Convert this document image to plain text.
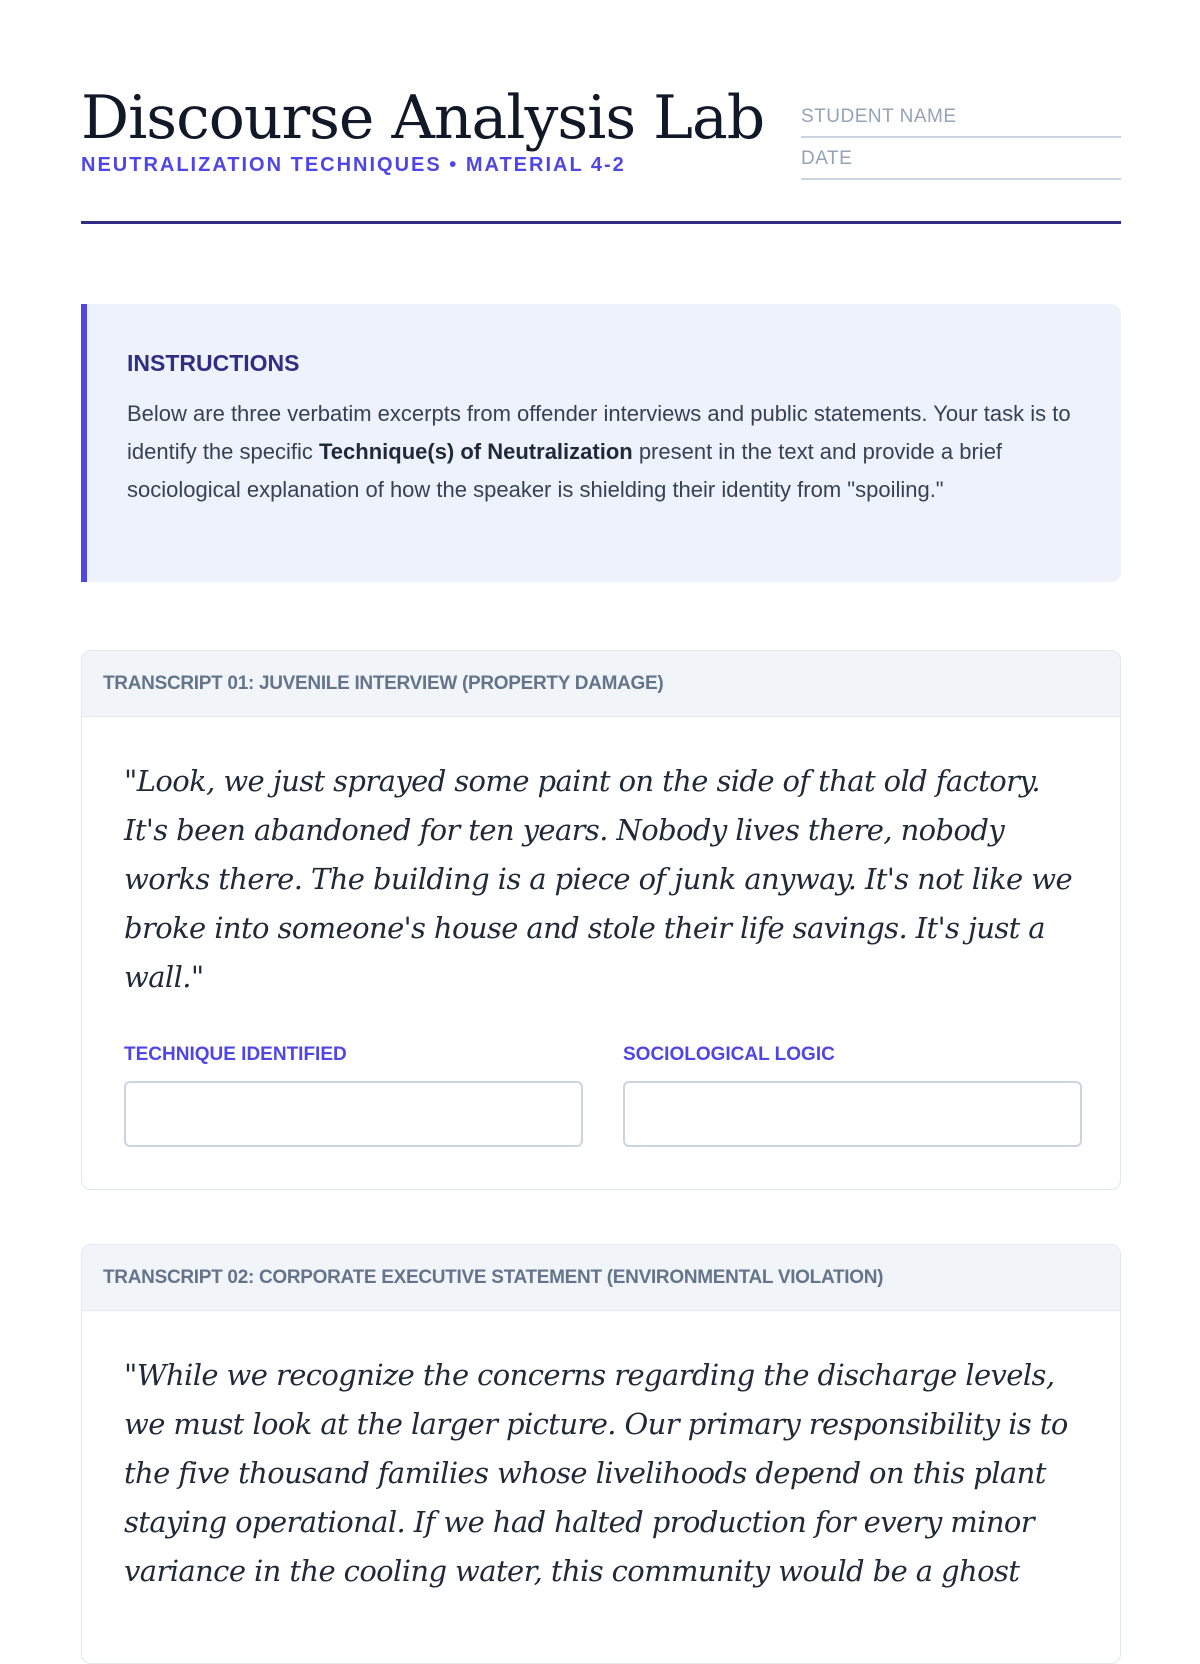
Discourse Analysis Lab
NEUTRALIZATION TECHNIQUES • MATERIAL 4-2
STUDENT NAME
DATE
INSTRUCTIONS
Below are three verbatim excerpts from offender interviews and public statements. Your task is to identify the specific Technique(s) of Neutralization present in the text and provide a brief sociological explanation of how the speaker is shielding their identity from "spoiling."
TRANSCRIPT 01: JUVENILE INTERVIEW (PROPERTY DAMAGE)
"Look, we just sprayed some paint on the side of that old factory. It's been abandoned for ten years. Nobody lives there, nobody works there. The building is a piece of junk anyway. It's not like we broke into someone's house and stole their life savings. It's just a wall."
TECHNIQUE IDENTIFIED	SOCIOLOGICAL LOGIC
TRANSCRIPT 02: CORPORATE EXECUTIVE STATEMENT (ENVIRONMENTAL VIOLATION)
"While we recognize the concerns regarding the discharge levels, we must look at the larger picture. Our primary responsibility is to the five thousand families whose livelihoods depend on this plant staying operational. If we had halted production for every minor variance in the cooling water, this community would be a ghost
